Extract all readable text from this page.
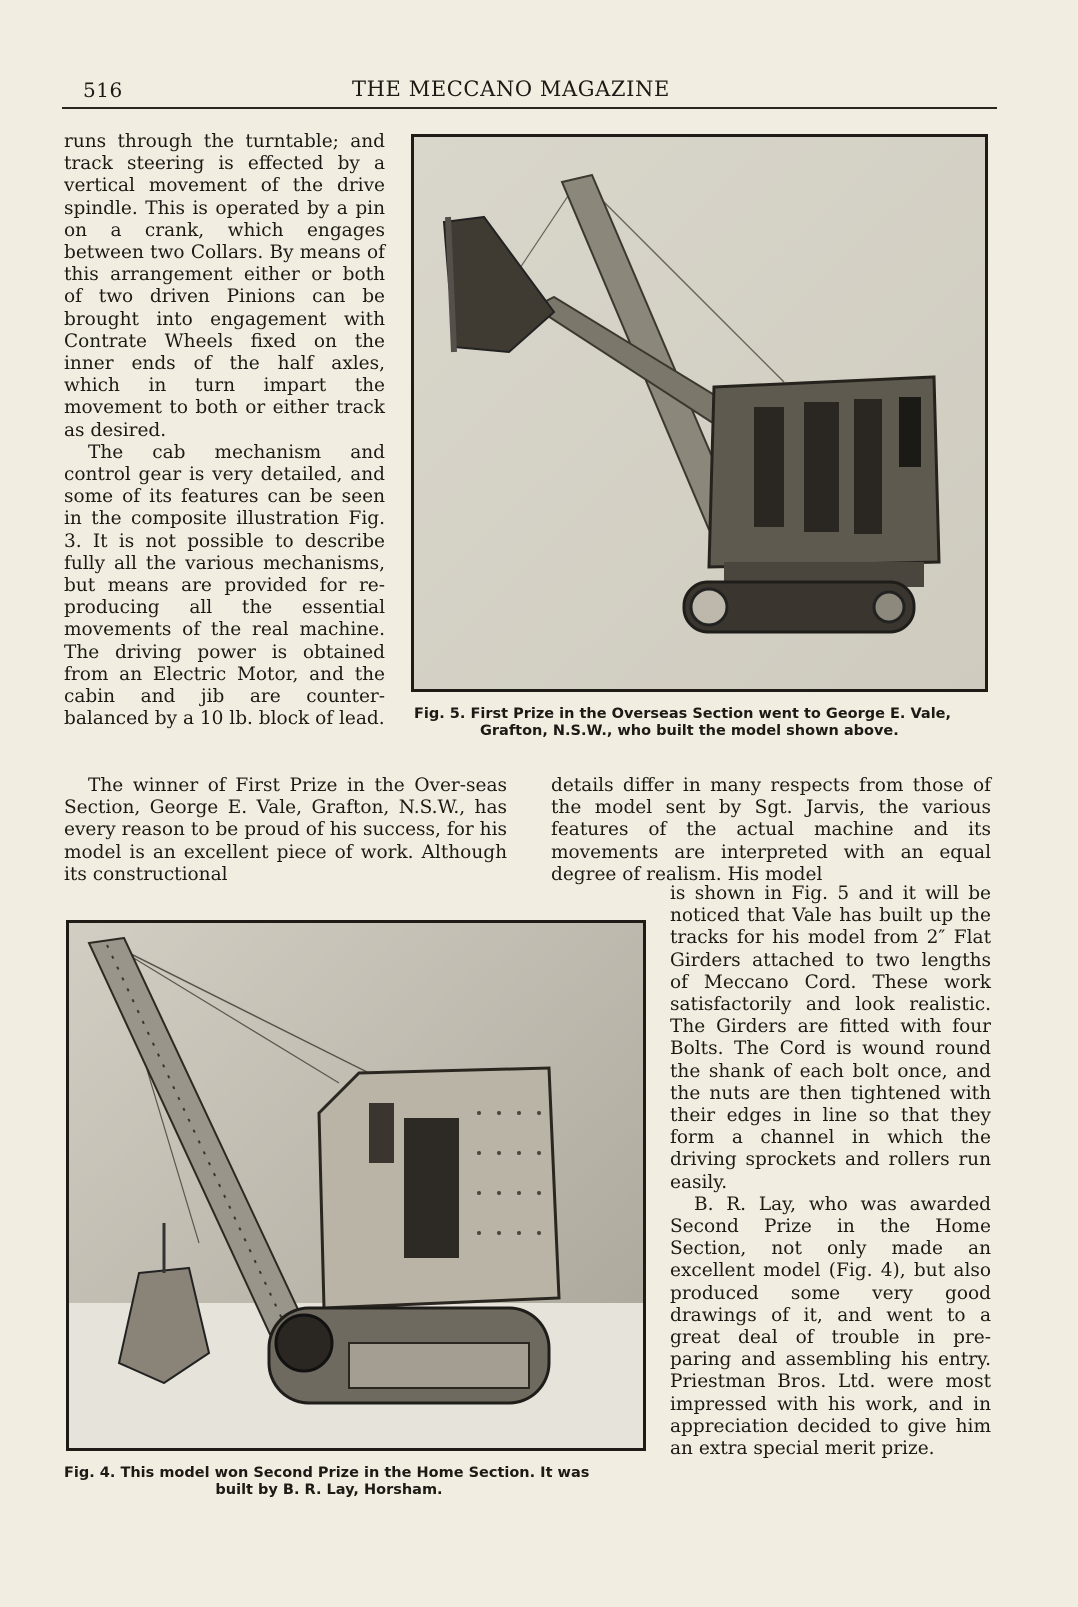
516	THE MECCANO MAGAZINE

runs through the turntable; and track steering is effected by a vertical movement of the drive spindle. This is operated by a pin on a crank, which engages between two Collars. By means of this arrangement either or both of two driven Pinions can be brought into engagement with Contrate Wheels fixed on the inner ends of the half axles, which in turn impart the movement to both or either track as desired.

The cab mechanism and control gear is very detailed, and some of its features can be seen in the composite illustration Fig. 3. It is not possible to describe fully all the various mechanisms, but means are provided for re-producing all the essential movements of the real machine. The driving power is obtained from an Electric Motor, and the cabin and jib are counter-balanced by a 10 lb. block of lead. Fig. 5. First Prize in the Overseas Section went to George E. Vale,
Grafton, N.S.W., who built the model shown above.

The winner of First Prize in the Over-seas Section, George E. Vale, Grafton, N.S.W., has every reason to be proud of his success, for his model is an excellent piece of work. Although its constructional

details differ in many respects from those of the model sent by Sgt. Jarvis, the various features of the actual machine and its movements are interpreted with an equal degree of realism. His model

Fig. 4. This model won Second Prize in the Home Section. It was
built by B. R. Lay, Horsham.

is shown in Fig. 5 and it will be noticed that Vale has built up the tracks for his model from 2″ Flat Girders attached to two lengths of Meccano Cord. These work satisfactorily and look realistic. The Girders are fitted with four Bolts. The Cord is wound round the shank of each bolt once, and the nuts are then tightened with their edges in line so that they form a channel in which the driving sprockets and rollers run easily.

B. R. Lay, who was awarded Second Prize in the Home Section, not only made an excellent model (Fig. 4), but also produced some very good drawings of it, and went to a great deal of trouble in pre-paring and assembling his entry. Priestman Bros. Ltd. were most impressed with his work, and in appreciation decided to give him an extra special merit prize.
